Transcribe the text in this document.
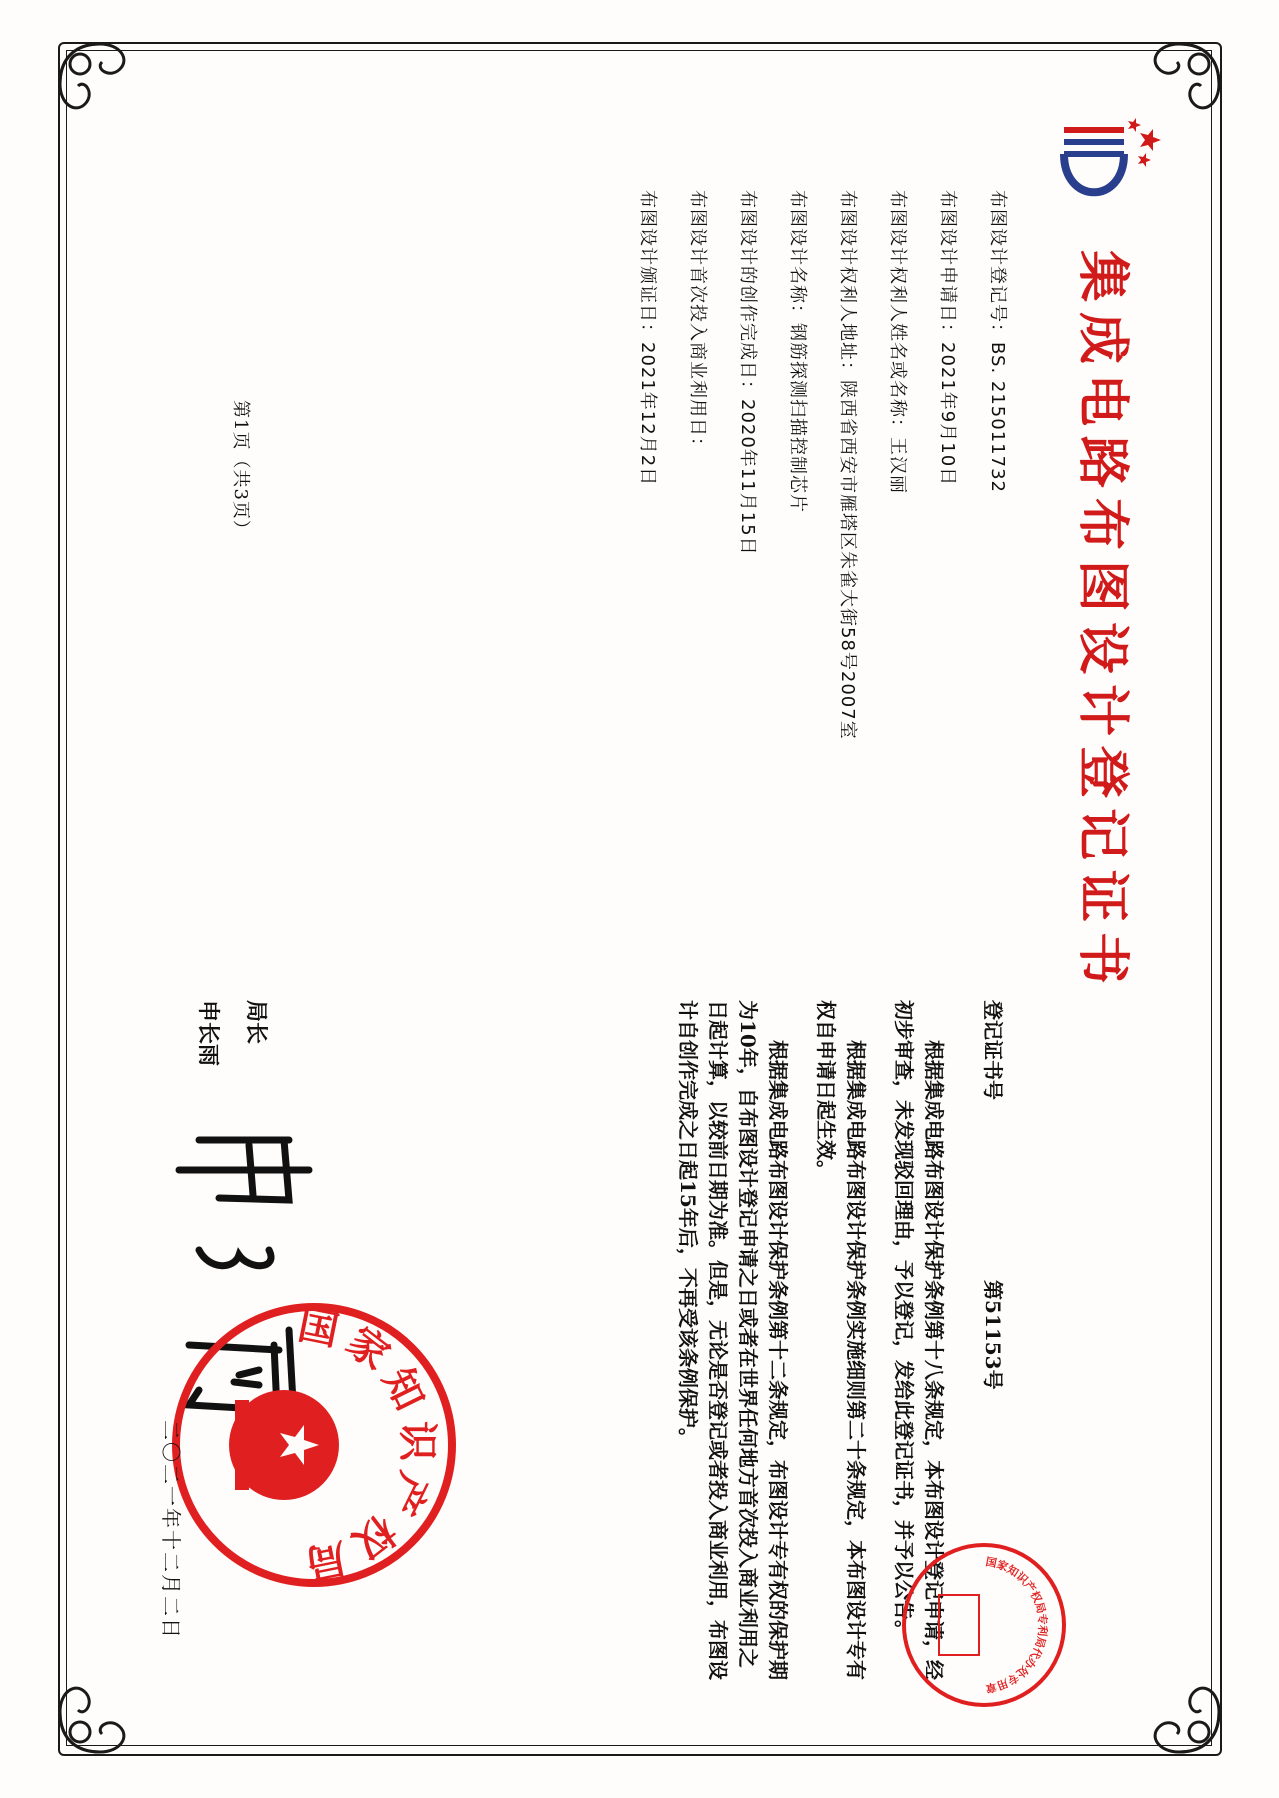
集成电路布图设计登记证书
布图设计登记号：BS. 215011732
布图设计申请日：2021年9月10日
布图设计权利人姓名或名称：王汉丽
布图设计权利人地址：陕西省西安市雁塔区朱雀大街58号2007室
布图设计名称：钢筋探测扫描控制芯片
布图设计的创作完成日：2020年11月15日
布图设计首次投入商业利用日：
布图设计颁证日：2021年12月2日
第1页（共3页）
登记证书号第51153号

根据集成电路布图设计保护条例第十八条规定，本布图设计登记申请，经初步审查，未发现驳回理由，予以登记，发给此登记证书，并予以公告。

根据集成电路布图设计保护条例实施细则第二十条规定，本布图设计专有权自申请日起生效。

根据集成电路布图设计保护条例第十二条规定，布图设计专有权的保护期为10年，自布图设计登记申请之日或者在世界任何地方首次投入商业利用之日起计算，以较前日期为准。但是，无论是否登记或者投入商业利用，布图设计自创作完成之日起15年后，不再受该条例保护。

局长
申长雨
国家知识产权局	国家知识产权局专利局代办处专用章
二〇二一年十二月二日
